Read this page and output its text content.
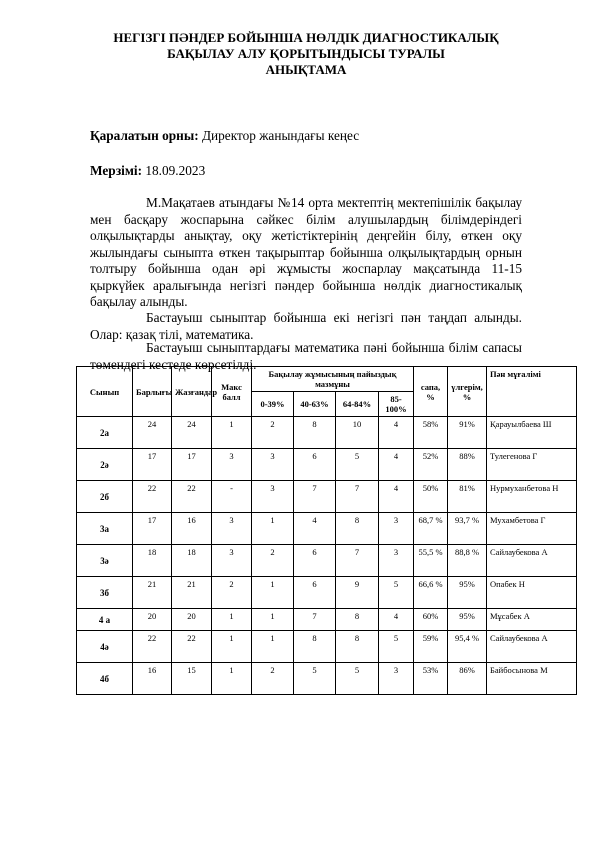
НЕГІЗГІ ПӘНДЕР БОЙЫНША НӨЛДІК ДИАГНОСТИКАЛЫҚ
БАҚЫЛАУ АЛУ ҚОРЫТЫНДЫСЫ ТУРАЛЫ
АНЫҚТАМА
Қаралатын орны: Директор жанындағы кеңес
Мерзімі: 18.09.2023
М.Мақатаев атындағы №14 орта мектептің мектепішілік бақылау мен басқару жоспарына сәйкес білім алушылардың білімдеріндегі олқылықтарды анықтау, оқу жетістіктерінің деңгейін білу, өткен оқу жылындағы сыныпта өткен тақырыптар бойынша олқылықтардың орнын толтыру бойынша одан әрі жұмысты жоспарлау мақсатында 11-15 қыркүйек аралығында негізгі пәндер бойынша нөлдік диагностикалық бақылау алынды.
Бастауыш сыныптар бойынша екі негізгі пән таңдап алынды. Олар: қазақ тілі, математика.
Бастауыш сыныптардағы математика пәні бойынша білім сапасы төмендегі кестеде көрсетілді.
Сынып	Барлығы	Жазғандар	Макс балл	Бақылау жұмысының пайыздық мазмұны				сапа, %	үлгерім, %	Пән мұғалімі
				0-39%	40-63%	64-84%	85-100%			
2а	24	24	1	2	8	10	4	58%	91%	Қарауылбаева Ш
2ә	17	17	3	3	6	5	4	52%	88%	Тулегенова Г
2б	22	22	-	3	7	7	4	50%	81%	Нурмуханбетова Н
3а	17	16	3	1	4	8	3	68,7 %	93,7 %	Мухамбетова Г
3ә	18	18	3	2	6	7	3	55,5 %	88,8 %	Сайлаубекова А
3б	21	21	2	1	6	9	5	66,6 %	95%	Опабек Н
4 а	20	20	1	1	7	8	4	60%	95%	Мұсабек А
4ә	22	22	1	1	8	8	5	59%	95,4 %	Сайлаубекова А
4б	16	15	1	2	5	5	3	53%	86%	Байбосынова М
